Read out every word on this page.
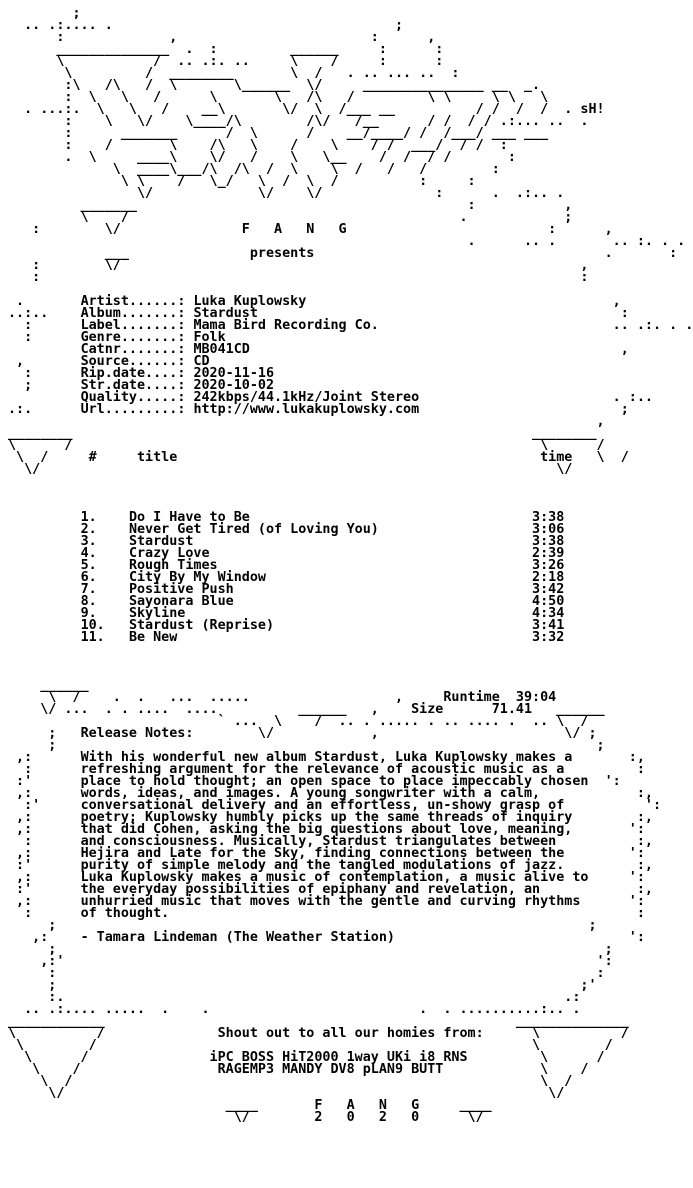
;
.. .:.... .                                   ;
:             ,                        :      ,
______________  .  :         ______     :      :
\           /  .. .:. ..     \    /     :      :
\         /  ________       \  /   . .. ... ..  :
:\   /\   /  \       \______  \/     _______________ __  _.
:  \   \   /      \       \   /\   /         \ \     \ \   \
. ...:.  \   \   /    __\       \/  \  /___ __          / /  /  /  . sH!
:    \   \/    \____/\        /\/   /__      / /  / / .:... ..  .
:      _______      /  \      /    __/____/ /  /___/ ___ ___
:    /       \    /\   \    /    \    / /  ___/  / /  :
.  \     ____\    \/   /    \   \__    /  /  / /       :
\  ____\___/\  /\  /  \    \  /   /   /        :
\ \    /   \_/   \  /  \  /          :     :
\/             \/    \/              :      .  .:.. .
_______                                         :           ,
\    /                                         .            ;
:        \/               F   A   N   G                         :      ,
.      .. .       .. :. . .
___               presents                                    .       :
:        \/                                                         ,
:                                                                   :

.       Artist......: Luka Kuplowsky                                      ,
..:..    Album.......: Stardust                                             :
:      Label.......: Mama Bird Recording Co.                             .. .:. . .
:      Genre.......: Folk
Catnr.......: MB041CD                                              ,
,       Source......: CD
:      Rip.date....: 2020-11-16
;      Str.date....: 2020-10-02
Quality.....: 242kbps/44.1kHz/Joint Stereo                        . :..
.:.      Url.........: http://www.lukakuplowsky.com                         ;
,
________                                                         ________
\      /                                                          \      /
\  /     #	title                                             time   \  /
\/                                                                \/

1.    Do I Have to Be                                   3:38
2.    Never Get Tired (of Loving You)                   3:06
3.    Stardust                                          3:38
4.    Crazy Love                                        2:39
5.    Rough Times                                       3:26
6.    City By My Window                                 2:18
7.    Positive Push                                     3:42
8.    Sayonara Blue                                     4:50
9.    Skyline                                           4:34
10.   Stardust (Reprise)                                3:41
11.   Be New                                            3:32

______
\  /    .  .   ...  .....                  ,     Runtime 39:04
\/ ...  . . ....  ....          ______   ,    Size	71.41   ______
` ...  \    /  .. . ..... . .. .... .  .. \  /
;   Release Notes:        \/            ,                       \/ ;
;                                                                   ;
,:      With his wonderful new album Stardust, Luka Kuplowsky makes a       :,
:      refreshing argument for the relevance of acoustic music as a         :
:'      place to hold thought; an open space to place impeccably chosen  ':
,:      words, ideas, and images. A young songwriter with a calm,            :,
:'     conversational delivery and an effortless, un-showy grasp of          ':
,:      poetry; Kuplowsky humbly picks up the same threads of inquiry        :,
,:      that did Cohen, asking the big questions about love, meaning,       ':
:      and consciousness. Musically, Stardust triangulates between          :,
,:      Hejira and Late for the Sky, finding connections between the        ':
:'      purity of simple melody and the tangled modulations of jazz.         :,
,:      Luka Kuplowsky makes a music of contemplation, a music alive to     ':
:'      the everyday possibilities of epiphany and revelation, an            :,
,:      unhurried music that moves with the gentle and curving rhythms      ':
:      of thought.                                                          :
;                                                                  ;
,:    - Tamara Lindeman (The Weather Station)                             ':
;                                                                    ;
,:'                                                                  ':
:                                                                   :
;                                                                 ;'
:.                                                              .:
.. .:.... .....  .    .                          .  . ..........:.. .
____________                                                   ______________
\          /              Shout out to all our homies from:      \          /
\        /                                                      \        /
\      /               iPC BOSS HiT2000 1way UKi i8 RNS         \      /
\    /                 RAGEMP3 MANDY DV8 pLAN9 BUTT            \    /
\  /                                                          \  /
\/                                                            \/
____       F   A   N   G     ____
\/        2   0   2   0      \/
